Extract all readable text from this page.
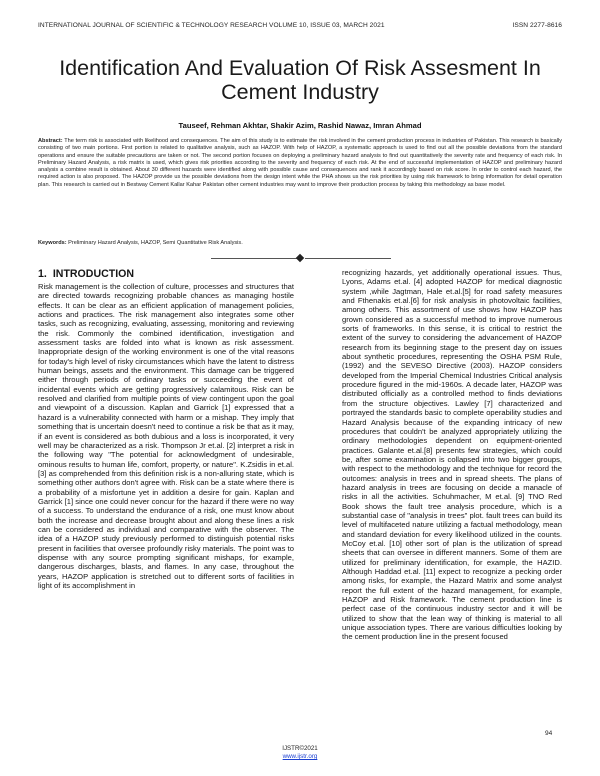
INTERNATIONAL JOURNAL OF SCIENTIFIC & TECHNOLOGY RESEARCH VOLUME 10, ISSUE 03, MARCH 2021	ISSN 2277-8616
Identification And Evaluation Of Risk Assesment In Cement Industry
Tauseef, Rehman Akhtar, Shakir Azim, Rashid Nawaz, Imran Ahmad
Abstract: The term risk is associated with likelihood and consequences. The aim of this study is to estimate the risk involved in the cement production process in industries of Pakistan. This research is basically consisting of two main portions. First portion is related to qualitative analysis, such as HAZOP. With help of HAZOP, a systematic approach is used to find out all the possible deviations from the standard operations and ensure the suitable precautions are taken or not. The second portion focuses on deploying a preliminary hazard analysis to find out quantitatively the severity rate and frequency of each risk. In Preliminary Hazard Analysis, a risk matrix is used, which gives risk priorities according to the severity and frequency of each risk. At the end of successful implementation of HAZOP and preliminary hazard analysis a combine result is obtained. About 30 different hazards were identified along with possible cause and consequences and rank it accordingly based on risk score. In order to control each hazard, the required action is also proposed. The HAZOP provide us the possible deviations from the design intent while the PHA shows us the risk priorities by using risk framework to bring information for detail operation plan. This research is carried out in Bestway Cement Kallar Kahar Pakistan other cement industries may want to improve their production process by taking this methodology as base model.
Keywords: Preliminary Hazard Analysis, HAZOP, Semi Quantitative Risk Analysis.
1. INTRODUCTION

Risk management is the collection of culture, processes and structures that are directed towards recognizing probable chances as managing hostile effects. It can be clear as an efficient application of management policies, actions and practices. The risk management also integrates some other tasks, such as recognizing, evaluating, assessing, monitoring and reviewing the risk. Commonly the combined identification, investigation and assessment tasks are folded into what is known as risk assessment. Inappropriate design of the working environment is one of the vital reasons for today's high level of risky circumstances which have the latent to distress human beings, assets and the environment. This damage can be triggered either through periods of ordinary tasks or succeeding the event of incidental events which are getting progressively calamitous. Risk can be resolved and clarified from multiple points of view contingent upon the goal and viewpoint of a discussion. Kaplan and Garrick [1] expressed that a hazard is a vulnerability connected with harm or a mishap. They imply that something that is uncertain doesn't need to continue a risk be that as it may, if an event is considered as both dubious and a loss is incorporated, it very well may be characterized as a risk. Thompson Jr et.al. [2] interpret a risk in the following way "The potential for acknowledgment of undesirable, ominous results to human life, comfort, property, or nature". K.Zsidis in et.al. [3] as comprehended from this definition risk is a non-alluring state, which is something other authors don't agree with. Risk can be a state where there is a probability of a misfortune yet in addition a desire for gain. Kaplan and Garrick [1] since one could never concur for the hazard if there were no way of a success. To understand the endurance of a risk, one must know about both the increase and decrease brought about and along these lines a risk can be considered as individual and comparative with the observer. The idea of a HAZOP study previously performed to distinguish potential risks present in facilities that oversee profoundly risky materials. The point was to dispense with any source prompting significant mishaps, for example, dangerous discharges, blasts, and flames. In any case, throughout the years, HAZOP application is stretched out to different sorts of facilities in light of its accomplishment in

recognizing hazards, yet additionally operational issues. Thus, Lyons, Adams et.al. [4] adopted HAZOP for medical diagnostic system ,while Jagtman, Hale et.al.[5] for road safety measures and Fthenakis et.al.[6] for risk analysis in photovoltaic facilities, among others. This assortment of use shows how HAZOP has grown considered as a successful method to improve numerous sorts of frameworks. In this sense, it is critical to restrict the extent of the survey to considering the advancement of HAZOP research from its beginning stage to the present day on issues about synthetic procedures, representing the OSHA PSM Rule, (1992) and the SEVESO Directive (2003). HAZOP considers developed from the Imperial Chemical Industries Critical analysis procedure figured in the mid-1960s. A decade later, HAZOP was distributed officially as a controlled method to finds deviations from the structure objectives. Lawley [7] characterized and portrayed the standards basic to complete operability studies and Hazard Analysis because of the expanding intricacy of new procedures that couldn't be analyzed appropriately utilizing the ordinary methodologies dependent on equipment-oriented practices. Galante et.al.[8] presents few strategies, which could be, after some examination is collapsed into two bigger groups, with respect to the methodology and the technique for record the outcomes: analysis in trees and in spread sheets. The plans of hazard analysis in trees are focusing on decide a manacle of risks in all the activities. Schuhmacher, M et.al. [9] TNO Red Book shows the fault tree analysis procedure, which is a substantial case of "analysis in trees" plot. fault trees can build its level of multifaceted nature utilizing a factual methodology, mean and standard deviation for every likelihood utilized in the counts. McCoy et.al. [10] other sort of plan is the utilization of spread sheets that can oversee in different manners. Some of them are utilized for preliminary identification, for example, the HAZID. Although Haddad et.al. [11] expect to recognize a pecking order among risks, for example, the Hazard Matrix and some analyst report the full extent of the hazard management, for example, HAZOP and Risk framework. The cement production line is perfect case of the continuous industry sector and it will be utilized to show that the lean way of thinking is material to all unique association types. There are various difficulties looking by the cement production line in the present focused

94
IJSTR©2021
www.ijstr.org
